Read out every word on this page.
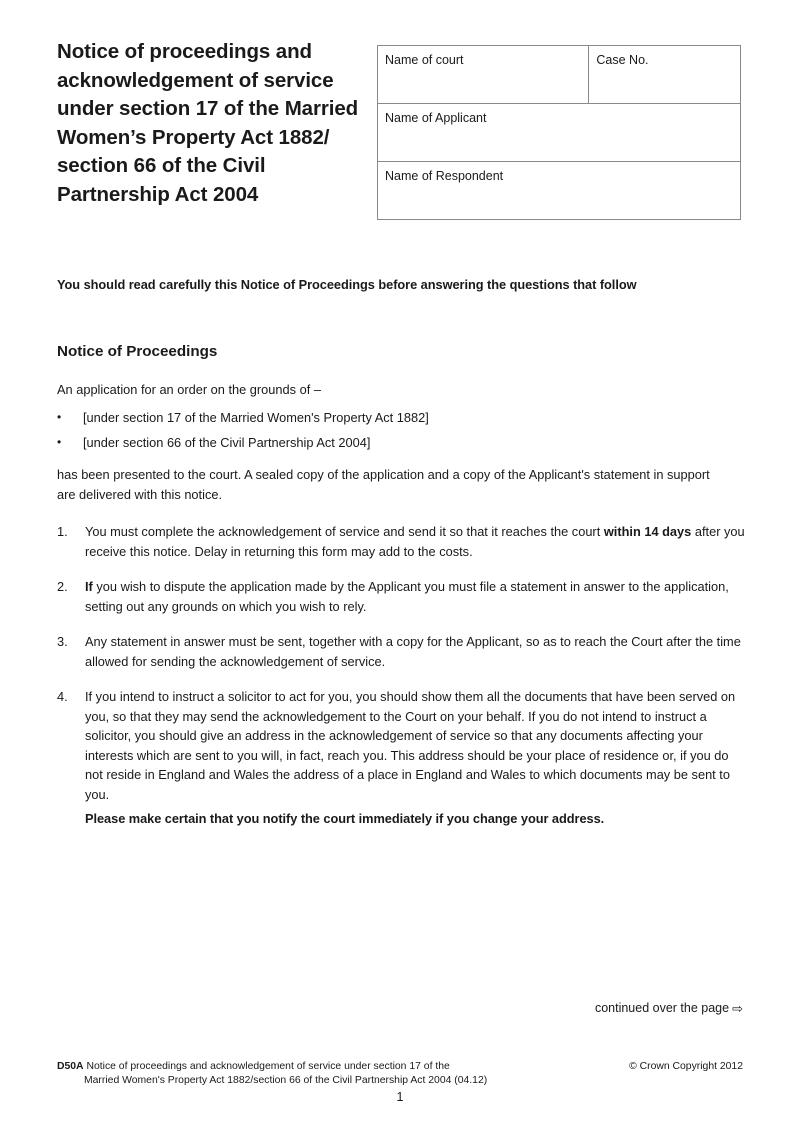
Notice of proceedings and acknowledgement of service under section 17 of the Married Women’s Property Act 1882/ section 66 of the Civil Partnership Act 2004
Name of court	Case No.
Name of Applicant
Name of Respondent
You should read carefully this Notice of Proceedings before answering the questions that follow
Notice of Proceedings
An application for an order on the grounds of –
•	[under section 17 of the Married Women's Property Act 1882]
•	[under section 66 of the Civil Partnership Act 2004]
has been presented to the court. A sealed copy of the application and a copy of the Applicant's statement in support are delivered with this notice.
1.	You must complete the acknowledgement of service and send it so that it reaches the court within 14 days after you receive this notice. Delay in returning this form may add to the costs.
2.	If you wish to dispute the application made by the Applicant you must file a statement in answer to the application, setting out any grounds on which you wish to rely.
3.	Any statement in answer must be sent, together with a copy for the Applicant, so as to reach the Court after the time allowed for sending the acknowledgement of service.
4.	If you intend to instruct a solicitor to act for you, you should show them all the documents that have been served on you, so that they may send the acknowledgement to the Court on your behalf. If you do not intend to instruct a solicitor, you should give an address in the acknowledgement of service so that any documents affecting your interests which are sent to you will, in fact, reach you. This address should be your place of residence or, if you do not reside in England and Wales the address of a place in England and Wales to which documents may be sent to you.
Please make certain that you notify the court immediately if you change your address.
continued over the page ⇨
D50A Notice of proceedings and acknowledgement of service under section 17 of the
Married Women's Property Act 1882/section 66 of the Civil Partnership Act 2004 (04.12)
© Crown Copyright 2012
1
